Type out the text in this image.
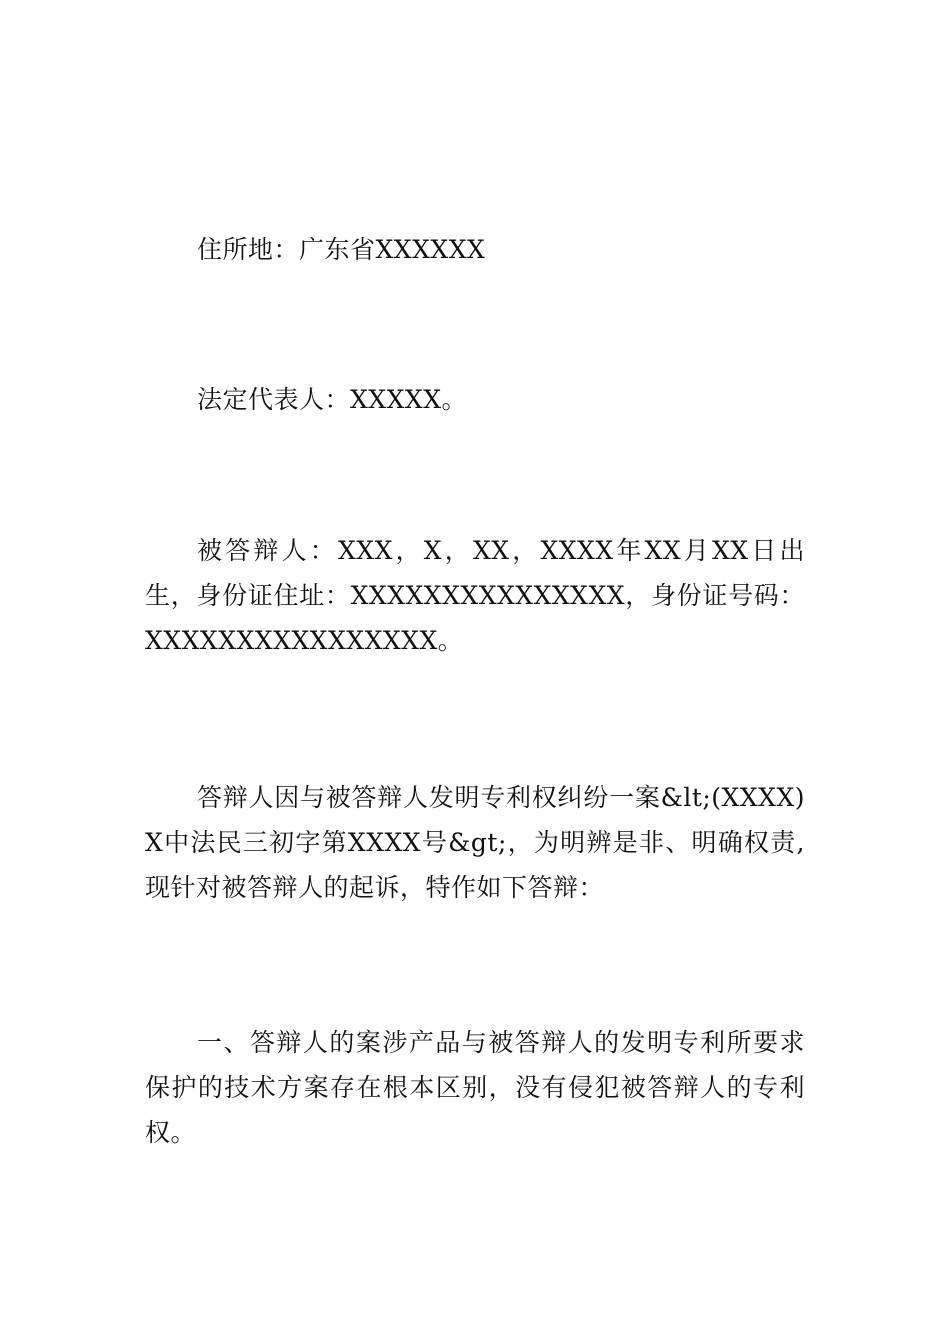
住所地：广东省XXXXXX

法定代表人：XXXXX。

被答辩人：XXX，X，XX，XXXX年XX月XX日出生，身份证住址：XXXXXXXXXXXXXXX，身份证号码：XXXXXXXXXXXXXXXX。

答辩人因与被答辩人发明专利权纠纷一案&lt;(XXXX)X中法民三初字第XXXX号&gt;，为明辨是非、明确权责,现针对被答辩人的起诉，特作如下答辩：

一、答辩人的案涉产品与被答辩人的发明专利所要求保护的技术方案存在根本区别，没有侵犯被答辩人的专利权。
